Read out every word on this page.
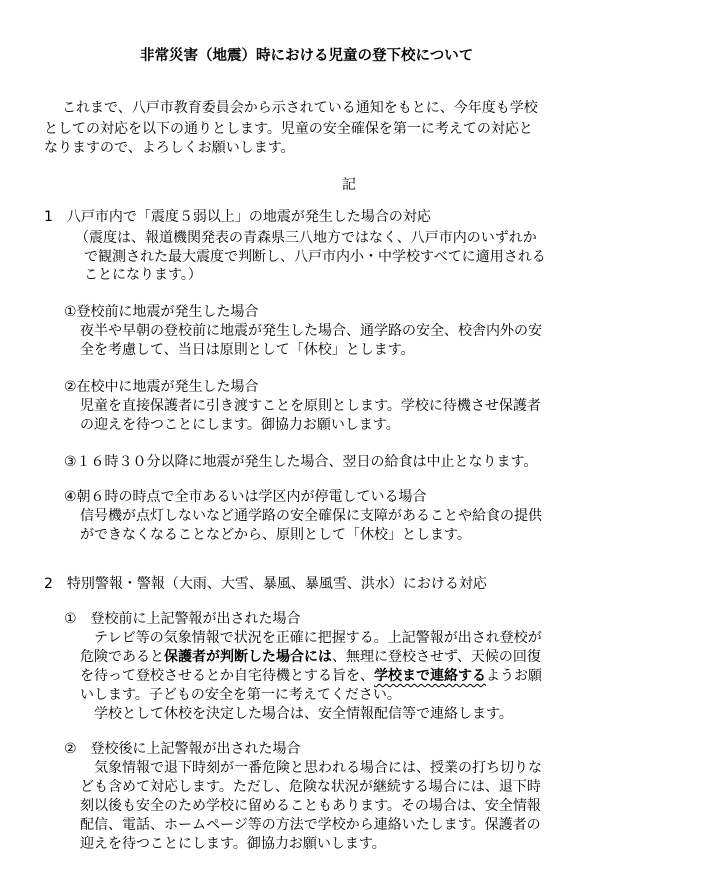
非常災害（地震）時における児童の登下校について
これまで、八戸市教育委員会から示されている通知をもとに、今年度も学校
としての対応を以下の通りとします。児童の安全確保を第一に考えての対応と
なりますので、よろしくお願いします。
記
1　八戸市内で「震度５弱以上」の地震が発生した場合の対応
（震度は、報道機関発表の青森県三八地方ではなく、八戸市内のいずれか
で観測された最大震度で判断し、八戸市内小・中学校すべてに適用される
ことになります。）
①登校前に地震が発生した場合
夜半や早朝の登校前に地震が発生した場合、通学路の安全、校舎内外の安
全を考慮して、当日は原則として「休校」とします。
②在校中に地震が発生した場合
児童を直接保護者に引き渡すことを原則とします。学校に待機させ保護者
の迎えを待つことにします。御協力お願いします。
③１６時３０分以降に地震が発生した場合、翌日の給食は中止となります。
④朝６時の時点で全市あるいは学区内が停電している場合
信号機が点灯しないなど通学路の安全確保に支障があることや給食の提供
ができなくなることなどから、原則として「休校」とします。
2　特別警報・警報（大雨、大雪、暴風、暴風雪、洪水）における対応
①　登校前に上記警報が出された場合
　テレビ等の気象情報で状況を正確に把握する。上記警報が出され登校が
危険であると保護者が判断した場合には、無理に登校させず、天候の回復
を待って登校させるとか自宅待機とする旨を、学校まで連絡するようお願
いします。子どもの安全を第一に考えてください。
　学校として休校を決定した場合は、安全情報配信等で連絡します。
②　登校後に上記警報が出された場合
　気象情報で退下時刻が一番危険と思われる場合には、授業の打ち切りな
ども含めて対応します。ただし、危険な状況が継続する場合には、退下時
刻以後も安全のため学校に留めることもあります。その場合は、安全情報
配信、電話、ホームページ等の方法で学校から連絡いたします。保護者の
迎えを待つことにします。御協力お願いします。
